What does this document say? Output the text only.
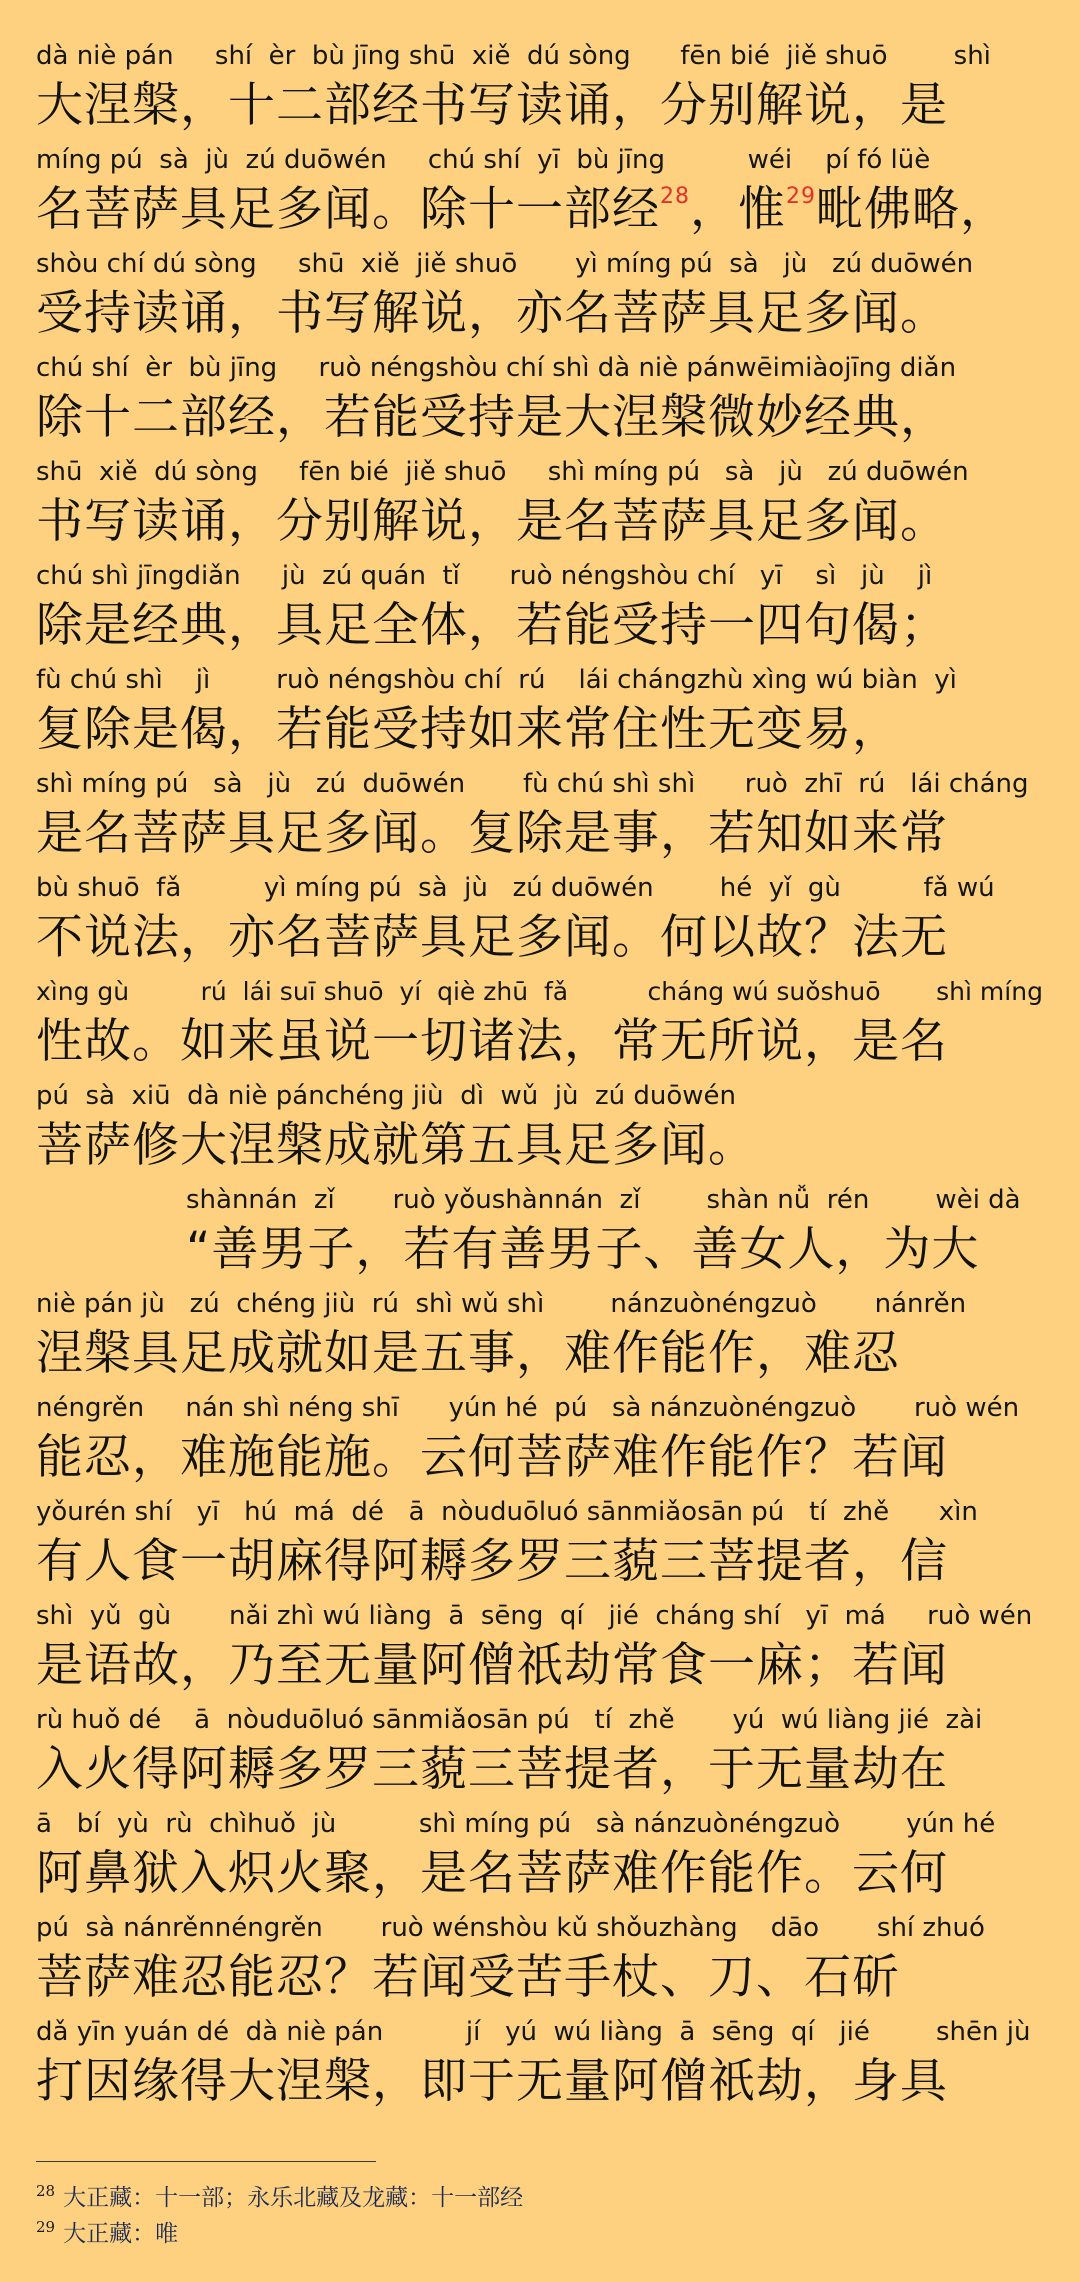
dà niè pán     shí  èr  bù jīng shū  xiě  dú sòng      fēn bié  jiě shuō        shì
大涅槃，十二部经书写读诵，分别解说，是
míng pú  sà  jù  zú duōwén     chú shí  yī  bù jīng          wéi    pí fó lüè
名菩萨具足多闻。除十一部经$^{28}$，惟$^{29}$毗佛略，
shòu chí dú sòng     shū  xiě  jiě shuō       yì míng pú  sà   jù   zú duōwén
受持读诵，书写解说，亦名菩萨具足多闻。
chú shí  èr  bù jīng     ruò néngshòu chí shì dà niè pánwēimiàojīng diǎn
除十二部经，若能受持是大涅槃微妙经典，
shū  xiě  dú sòng     fēn bié  jiě shuō     shì míng pú   sà   jù   zú duōwén
书写读诵，分别解说，是名菩萨具足多闻。
chú shì jīngdiǎn     jù  zú quán  tǐ      ruò néngshòu chí   yī    sì   jù    jì
除是经典，具足全体，若能受持一四句偈；
fù chú shì    jì        ruò néngshòu chí  rú    lái chángzhù xìng wú biàn  yì
复除是偈，若能受持如来常住性无变易，
shì míng pú   sà   jù   zú  duōwén       fù chú shì shì      ruò  zhī  rú   lái cháng
是名菩萨具足多闻。复除是事，若知如来常
bù shuō  fǎ          yì míng pú  sà  jù   zú duōwén        hé  yǐ  gù          fǎ wú
不说法，亦名菩萨具足多闻。何以故？法无
xìng gù         rú  lái suī shuō  yí  qiè zhū  fǎ          cháng wú suǒshuō       shì míng
性故。如来虽说一切诸法，常无所说，是名
pú  sà  xiū  dà niè pánchéng jiù  dì  wǔ  jù  zú duōwén
菩萨修大涅槃成就第五具足多闻。
shànnán  zǐ       ruò yǒushànnán  zǐ        shàn nǚ  rén        wèi dà
“善男子，若有善男子、善女人，为大
niè pán jù   zú  chéng jiù  rú  shì wǔ shì        nánzuònéngzuò       nánrěn
涅槃具足成就如是五事，难作能作，难忍
néngrěn     nán shì néng shī      yún hé  pú   sà nánzuònéngzuò       ruò wén
能忍，难施能施。云何菩萨难作能作？若闻
yǒurén shí   yī   hú  má  dé   ā  nòuduōluó sānmiǎosān pú   tí  zhě      xìn
有人食一胡麻得阿耨多罗三藐三菩提者，信
shì  yǔ  gù       nǎi zhì wú liàng  ā  sēng  qí   jié  cháng shí   yī  má     ruò wén
是语故，乃至无量阿僧祇劫常食一麻；若闻
rù huǒ dé    ā  nòuduōluó sānmiǎosān pú   tí  zhě       yú  wú liàng jié  zài
入火得阿耨多罗三藐三菩提者，于无量劫在
ā   bí  yù  rù  chìhuǒ  jù          shì míng pú   sà nánzuònéngzuò        yún hé
阿鼻狱入炽火聚，是名菩萨难作能作。云何
pú  sà nánrěnnéngrěn       ruò wénshòu kǔ shǒuzhàng    dāo       shí zhuó
菩萨难忍能忍？若闻受苦手杖、刀、石斫
dǎ yīn yuán dé  dà niè pán          jí   yú  wú liàng  ā  sēng  qí   jié        shēn jù
打因缘得大涅槃，即于无量阿僧祇劫，身具
$^{28}$ 大正藏：十一部；永乐北藏及龙藏：十一部经
$^{29}$ 大正藏：唯
